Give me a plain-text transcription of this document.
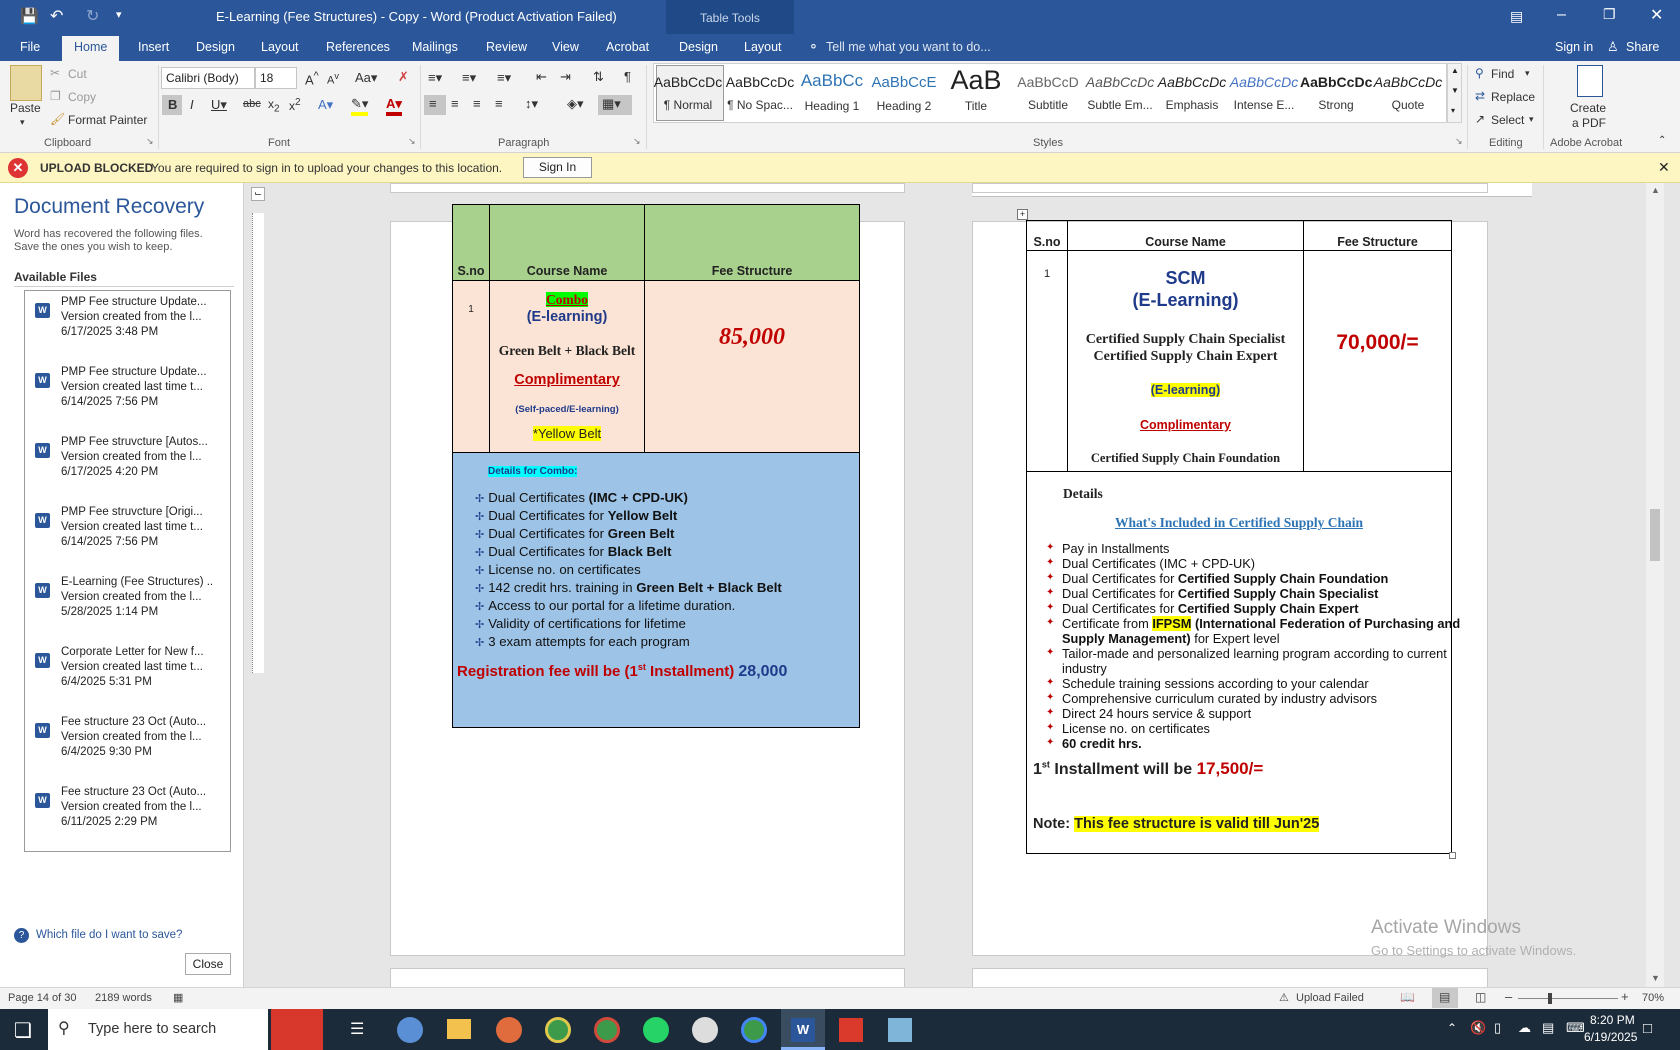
💾 ↶ ↻ ▾	Table Tools
E-Learning (Fee Structures) - Copy - Word (Product Activation Failed)	▤ –	❐ ✕
File	Home	Insert Design Layout References Mailings Review View Acrobat Design Layout ⚬ Tell me what you want to do...	Sign in ♙ Share
Paste
▾
✂ Cut
❐ Copy
🖌 Format Painter
Clipboard	↘
Calibri (Body)	18	A^ $A^v$ Aa▾ ✗
B I U▾ abc $x_2$ $x^2$ A▾ ✎▾ A▾
Font	↘
≡▾ ≡▾ ≡▾ ⇤ ⇥ ⇅ ¶
≡ ≡ ≡ ≡ ↕▾ ◈▾ ▦▾
Paragraph	↘
▲
▼
▾
AaBbCcDc
¶ Normal
AaBbCcDc
¶ No Spac...
AaBbCc
Heading 1
AaBbCcE
Heading 2
AaB
Title
AaBbCcD
Subtitle
AaBbCcDc
Subtle Em...
AaBbCcDc
Emphasis
AaBbCcDc
Intense E...
AaBbCcDc
Strong
AaBbCcDc
Quote
Styles	↘
⚲ Find ▾
⇄ Replace
↗ Select ▾
Editing
Create
a PDF
Adobe Acrobat	⌃
✕	UPLOAD BLOCKED
You are required to sign in to upload your changes to this location.	Sign In	✕
Document Recovery
Word has recovered the following files.
Save the ones you wish to keep.
Available Files
W
PMP Fee structure Update...
Version created from the l...
6/17/2025 3:48 PM
W
PMP Fee structure Update...
Version created last time t...
6/14/2025 7:56 PM
W
PMP Fee struvcture [Autos...
Version created from the l...
6/17/2025 4:20 PM
W
PMP Fee struvcture [Origi...
Version created last time t...
6/14/2025 7:56 PM
W
E-Learning (Fee Structures) ..
Version created from the l...
5/28/2025 1:14 PM
W
Corporate Letter for New f...
Version created last time t...
6/4/2025 5:31 PM
W
Fee structure 23 Oct (Auto...
Version created from the l...
6/4/2025 9:30 PM
W
Fee structure 23 Oct (Auto...
Version created from the l...
6/11/2025 2:29 PM
?	Which file do I want to save?
Close
⌙
S.no	Course Name	Fee Structure
1
Combo
(E-learning)
Green Belt + Black Belt
Complimentary
(Self-paced/E-learning)
*Yellow Belt
85,000
Details for Combo:
✢ Dual Certificates (IMC + CPD-UK)
✢ Dual Certificates for Yellow Belt
✢ Dual Certificates for Green Belt
✢ Dual Certificates for Black Belt
✢ License no. on certificates
✢ 142 credit hrs. training in Green Belt + Black Belt
✢ Access to our portal for a lifetime duration.
✢ Validity of certifications for lifetime
✢ 3 exam attempts for each program
Registration fee will be (1st Installment) 28,000
S.no	Course Name	Fee Structure
1	SCM
(E-Learning)
Certified Supply Chain Specialist
Certified Supply Chain Expert
(E-learning)
Complimentary
Certified Supply Chain Foundation
70,000/=
Details
What's Included in Certified Supply Chain
✦ Pay in Installments
✦ Dual Certificates (IMC + CPD-UK)
✦ Dual Certificates for Certified Supply Chain Foundation
✦ Dual Certificates for Certified Supply Chain Specialist
✦ Dual Certificates for Certified Supply Chain Expert
✦ Certificate from IFPSM (International Federation of Purchasing and
Supply Management) for Expert level
✦ Tailor-made and personalized learning program according to current
industry
✦ Schedule training sessions according to your calendar
✦ Comprehensive curriculum curated by industry advisors
✦ Direct 24 hours service & support
✦ License no. on certificates
✦ 60 credit hrs.
1st Installment will be 17,500/=
Note: This fee structure is valid till Jun'25
+
Activate Windows
Go to Settings to activate Windows.
▲
▼
Page 14 of 30 2189 words ▦	⚠ Upload Failed	📖 ▤ ◫ –	+ 70%
❏ ⚲ Type here to search	☰	W	⌃ 🔇 ▯ ☁ ▤ ⌨ 8:20 PM
6/19/2025 □
